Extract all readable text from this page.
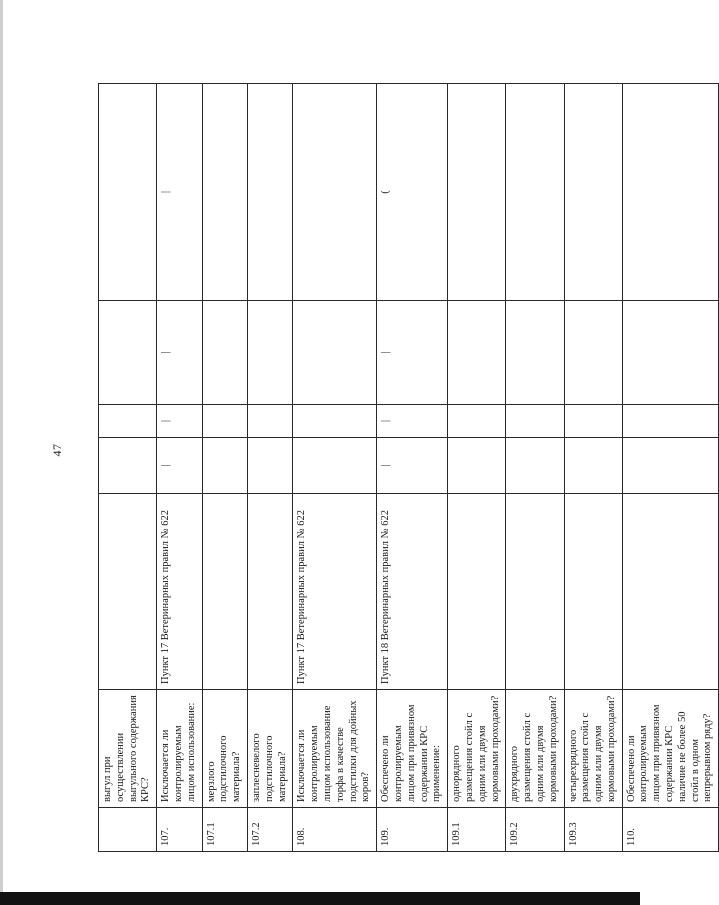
47
	выгул при осуществлении выгульного содержания КРС?					
107.	Исключается ли контролируемым лицом использование:	Пункт 17 Ветеринарных правил № 622	|	|	|	|
107.1	мерзлого подстилочного материала?					
107.2	заплесневелого подстилочного материала?					
108.	Исключается ли контролируемым лицом использование торфа в качестве подстилки для дойных коров?	Пункт 17 Ветеринарных правил № 622				
109.	Обеспечено ли контролируемым лицом при привязном содержании КРС применение:	Пункт 18 Ветеринарных правил № 622	|	|	|	(
109.1	однорядного размещения стойл с одним или двумя кормовыми проходами?					
109.2	двухрядного размещения стойл с одним или двумя кормовыми проходами?					
109.3	четырехрядного размещения стойл с одним или двумя кормовыми проходами?					
110.	Обеспечено ли контролируемым лицом при привязном содержании КРС наличие не более 50 стойл в одном непрерывном ряду?					
